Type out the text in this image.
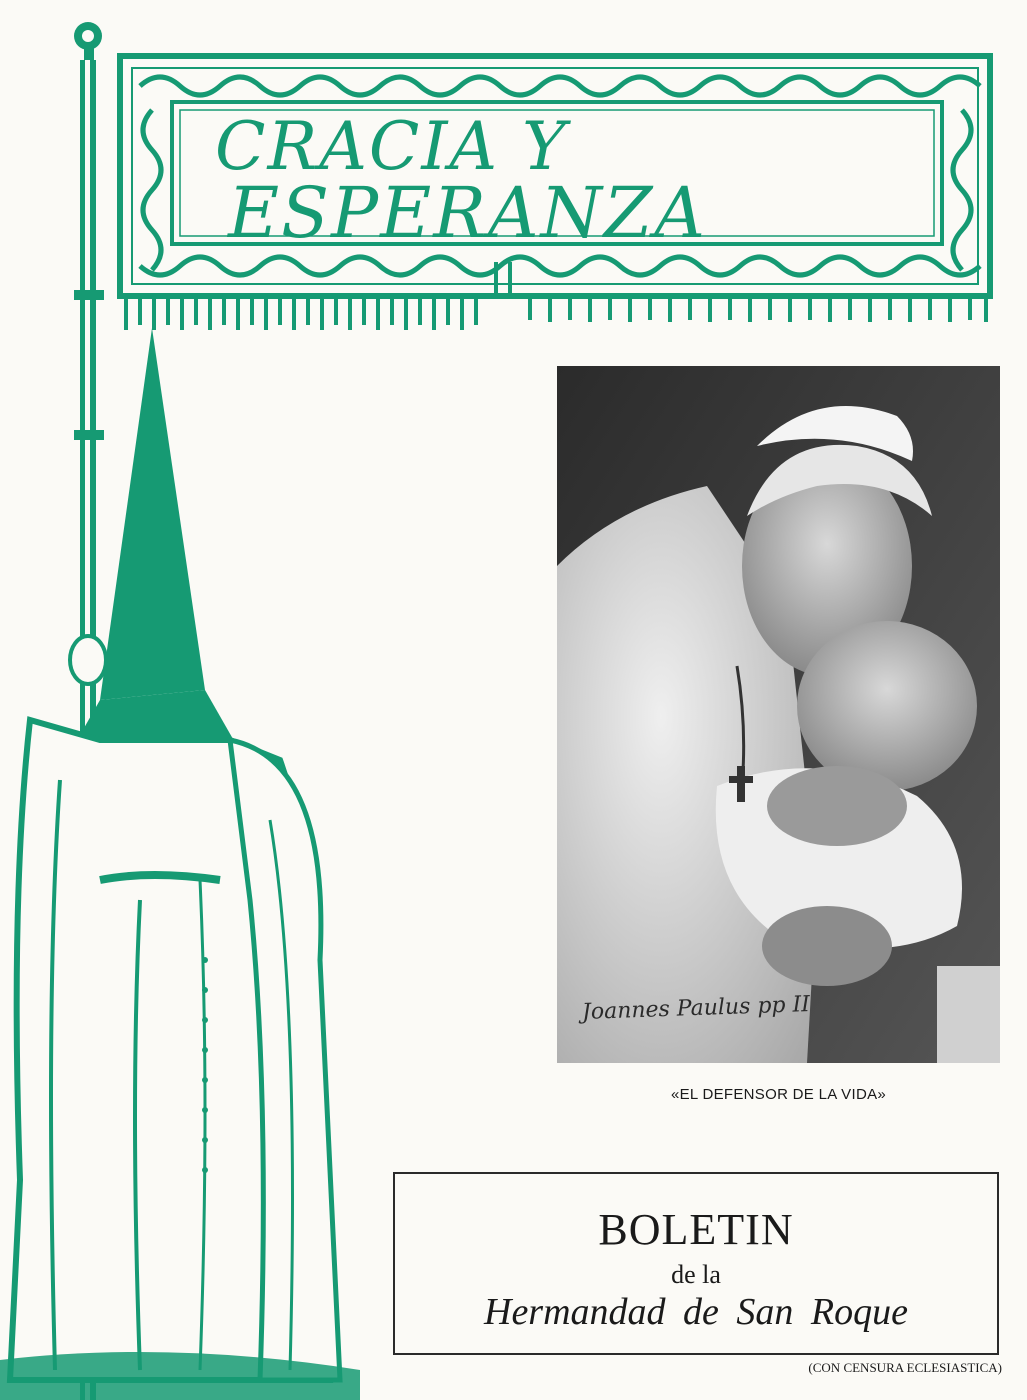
CRACIA Y
ESPERANZA
Joannes Paulus pp II
«EL DEFENSOR DE LA VIDA»
BOLETIN
de la
Hermandad de San Roque
(CON CENSURA ECLESIASTICA)
